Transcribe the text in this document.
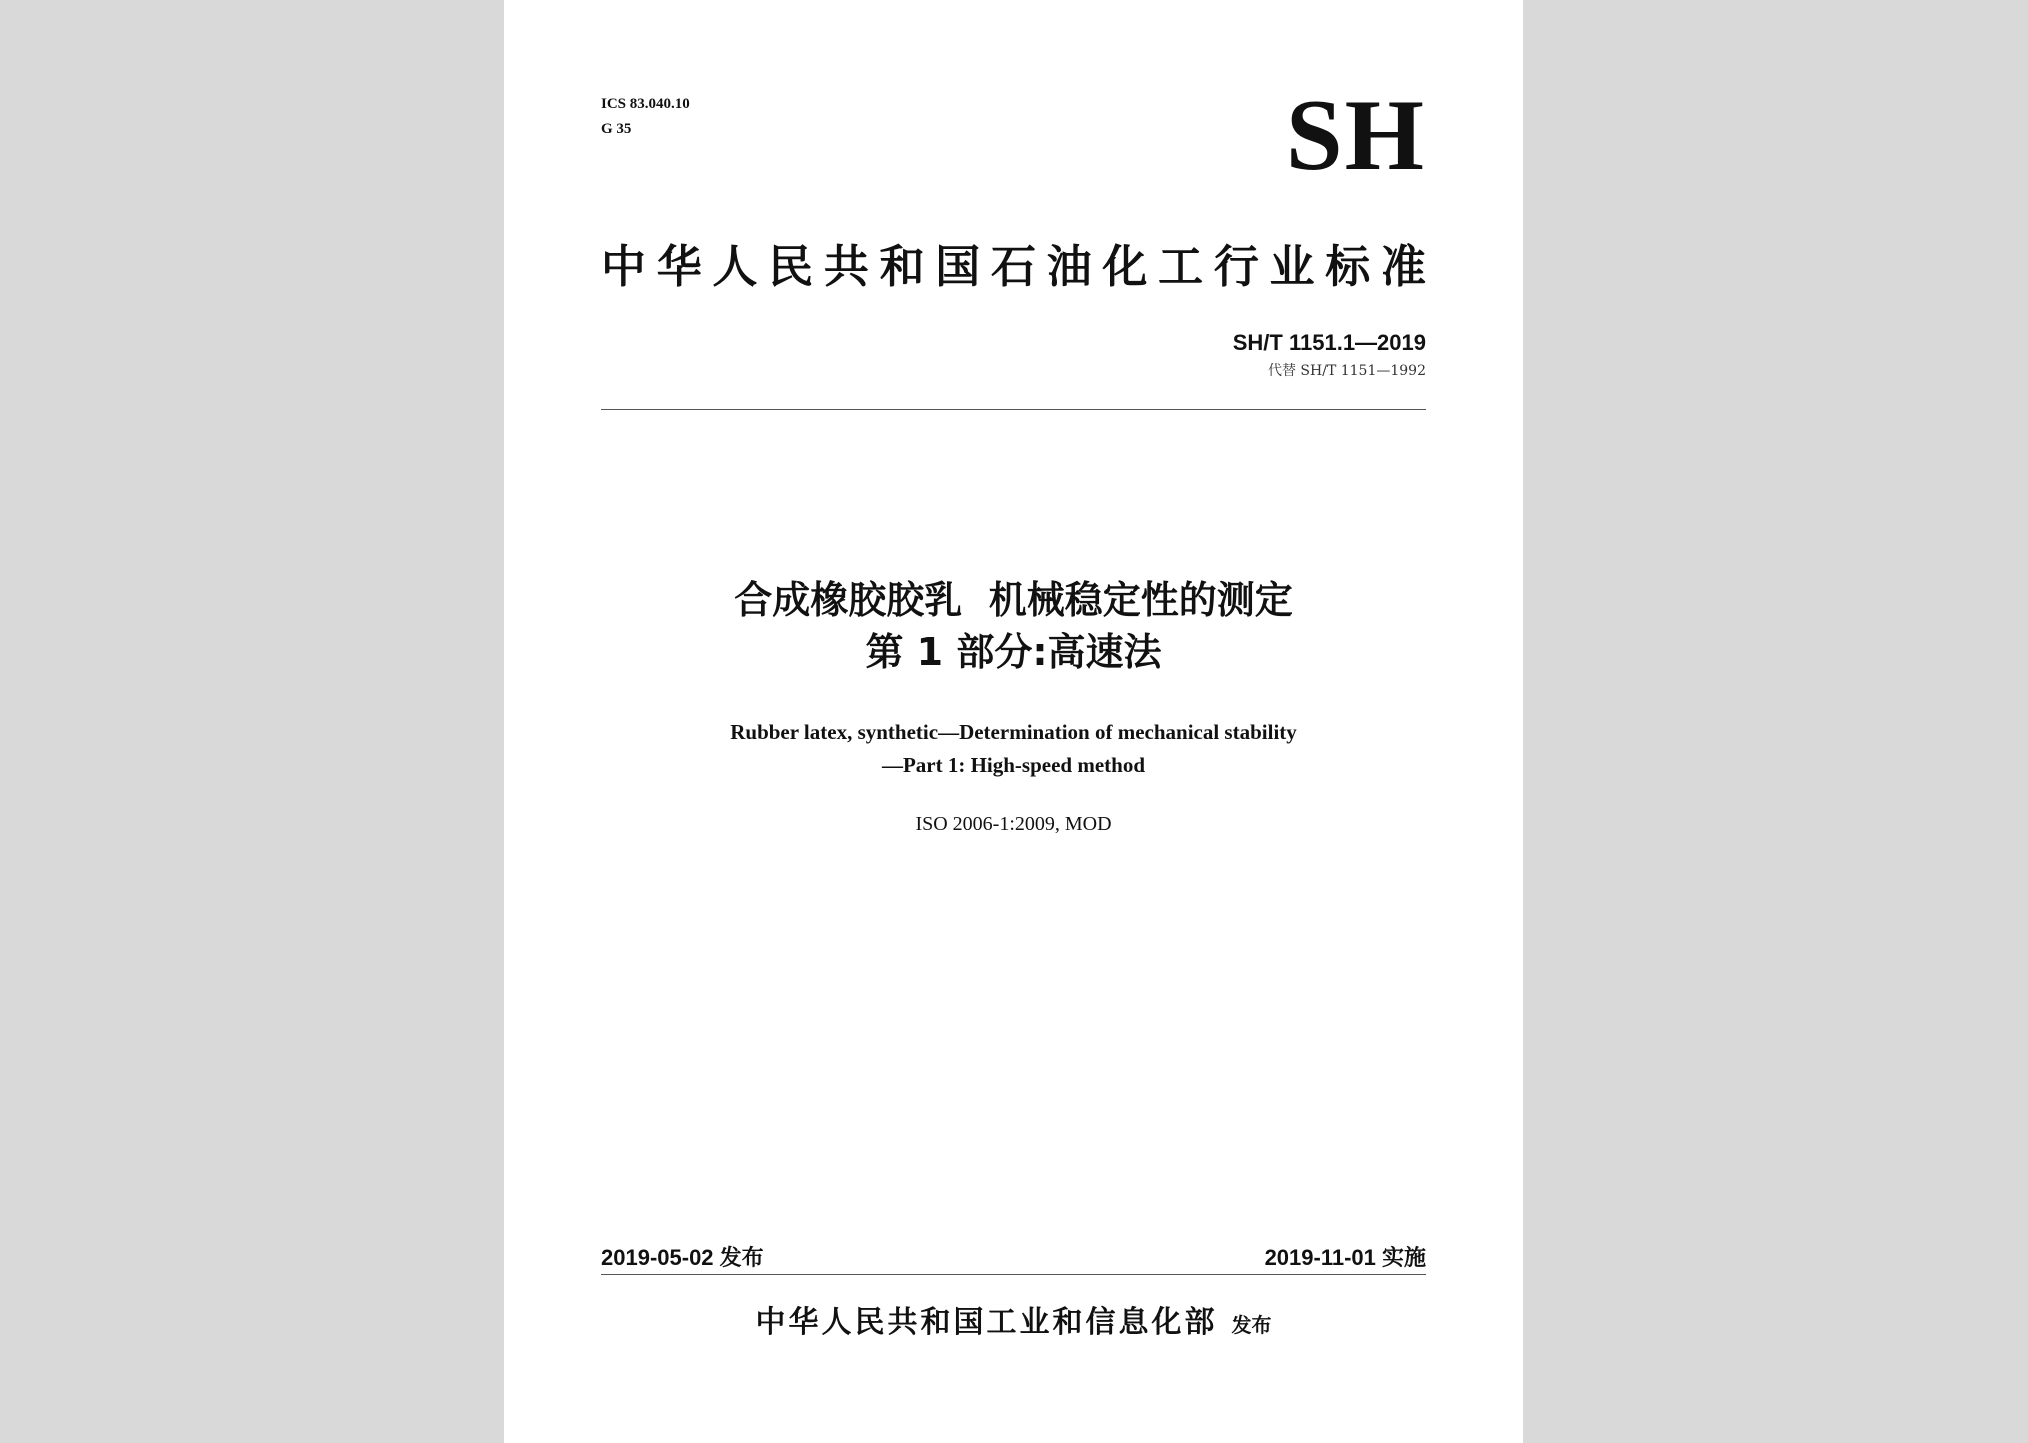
ICS 83.040.10
G 35	SH
中华人民共和国石油化工行业标准
SH/T 1151.1—2019
代替 SH/T 1151—1992
合成橡胶胶乳  机械稳定性的测定
第 1 部分:高速法
Rubber latex, synthetic—Determination of mechanical stability
—Part 1: High-speed method
ISO 2006-1:2009, MOD
2019-05-02 发布	2019-11-01 实施
中华人民共和国工业和信息化部 发布
